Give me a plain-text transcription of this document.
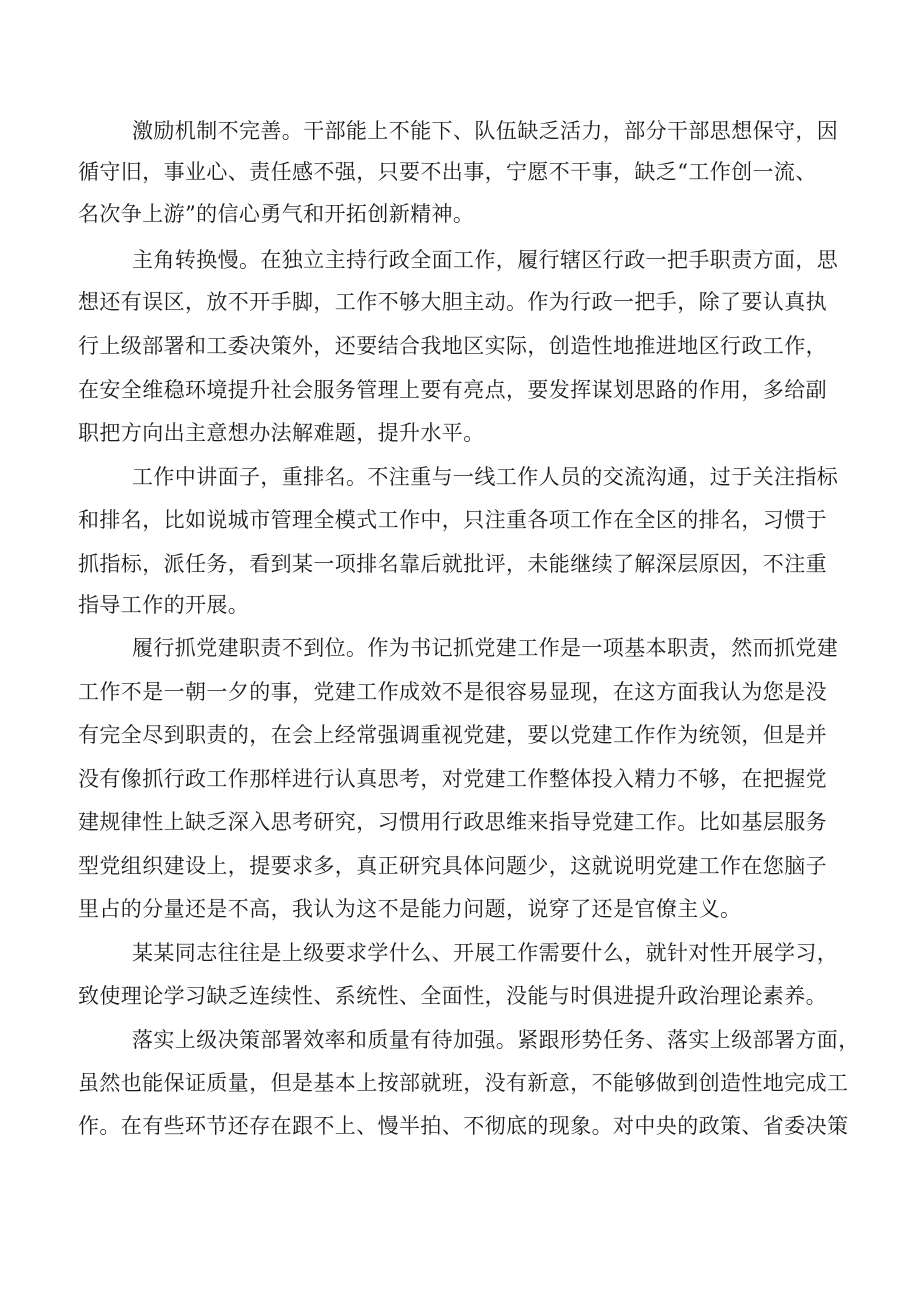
激励机制不完善。干部能上不能下、队伍缺乏活力，部分干部思想保守，因
循守旧，事业心、责任感不强，只要不出事，宁愿不干事，缺乏“工作创一流、
名次争上游”的信心勇气和开拓创新精神。
主角转换慢。在独立主持行政全面工作，履行辖区行政一把手职责方面，思
想还有误区，放不开手脚，工作不够大胆主动。作为行政一把手，除了要认真执
行上级部署和工委决策外，还要结合我地区实际，创造性地推进地区行政工作，
在安全维稳环境提升社会服务管理上要有亮点，要发挥谋划思路的作用，多给副
职把方向出主意想办法解难题，提升水平。
工作中讲面子，重排名。不注重与一线工作人员的交流沟通，过于关注指标
和排名，比如说城市管理全模式工作中，只注重各项工作在全区的排名，习惯于
抓指标，派任务，看到某一项排名靠后就批评，未能继续了解深层原因，不注重
指导工作的开展。
履行抓党建职责不到位。作为书记抓党建工作是一项基本职责，然而抓党建
工作不是一朝一夕的事，党建工作成效不是很容易显现，在这方面我认为您是没
有完全尽到职责的，在会上经常强调重视党建，要以党建工作作为统领，但是并
没有像抓行政工作那样进行认真思考，对党建工作整体投入精力不够，在把握党
建规律性上缺乏深入思考研究，习惯用行政思维来指导党建工作。比如基层服务
型党组织建设上，提要求多，真正研究具体问题少，这就说明党建工作在您脑子
里占的分量还是不高，我认为这不是能力问题，说穿了还是官僚主义。
某某同志往往是上级要求学什么、开展工作需要什么，就针对性开展学习，
致使理论学习缺乏连续性、系统性、全面性，没能与时俱进提升政治理论素养。
落实上级决策部署效率和质量有待加强。紧跟形势任务、落实上级部署方面，
虽然也能保证质量，但是基本上按部就班，没有新意，不能够做到创造性地完成工
作。在有些环节还存在跟不上、慢半拍、不彻底的现象。对中央的政策、省委决策
